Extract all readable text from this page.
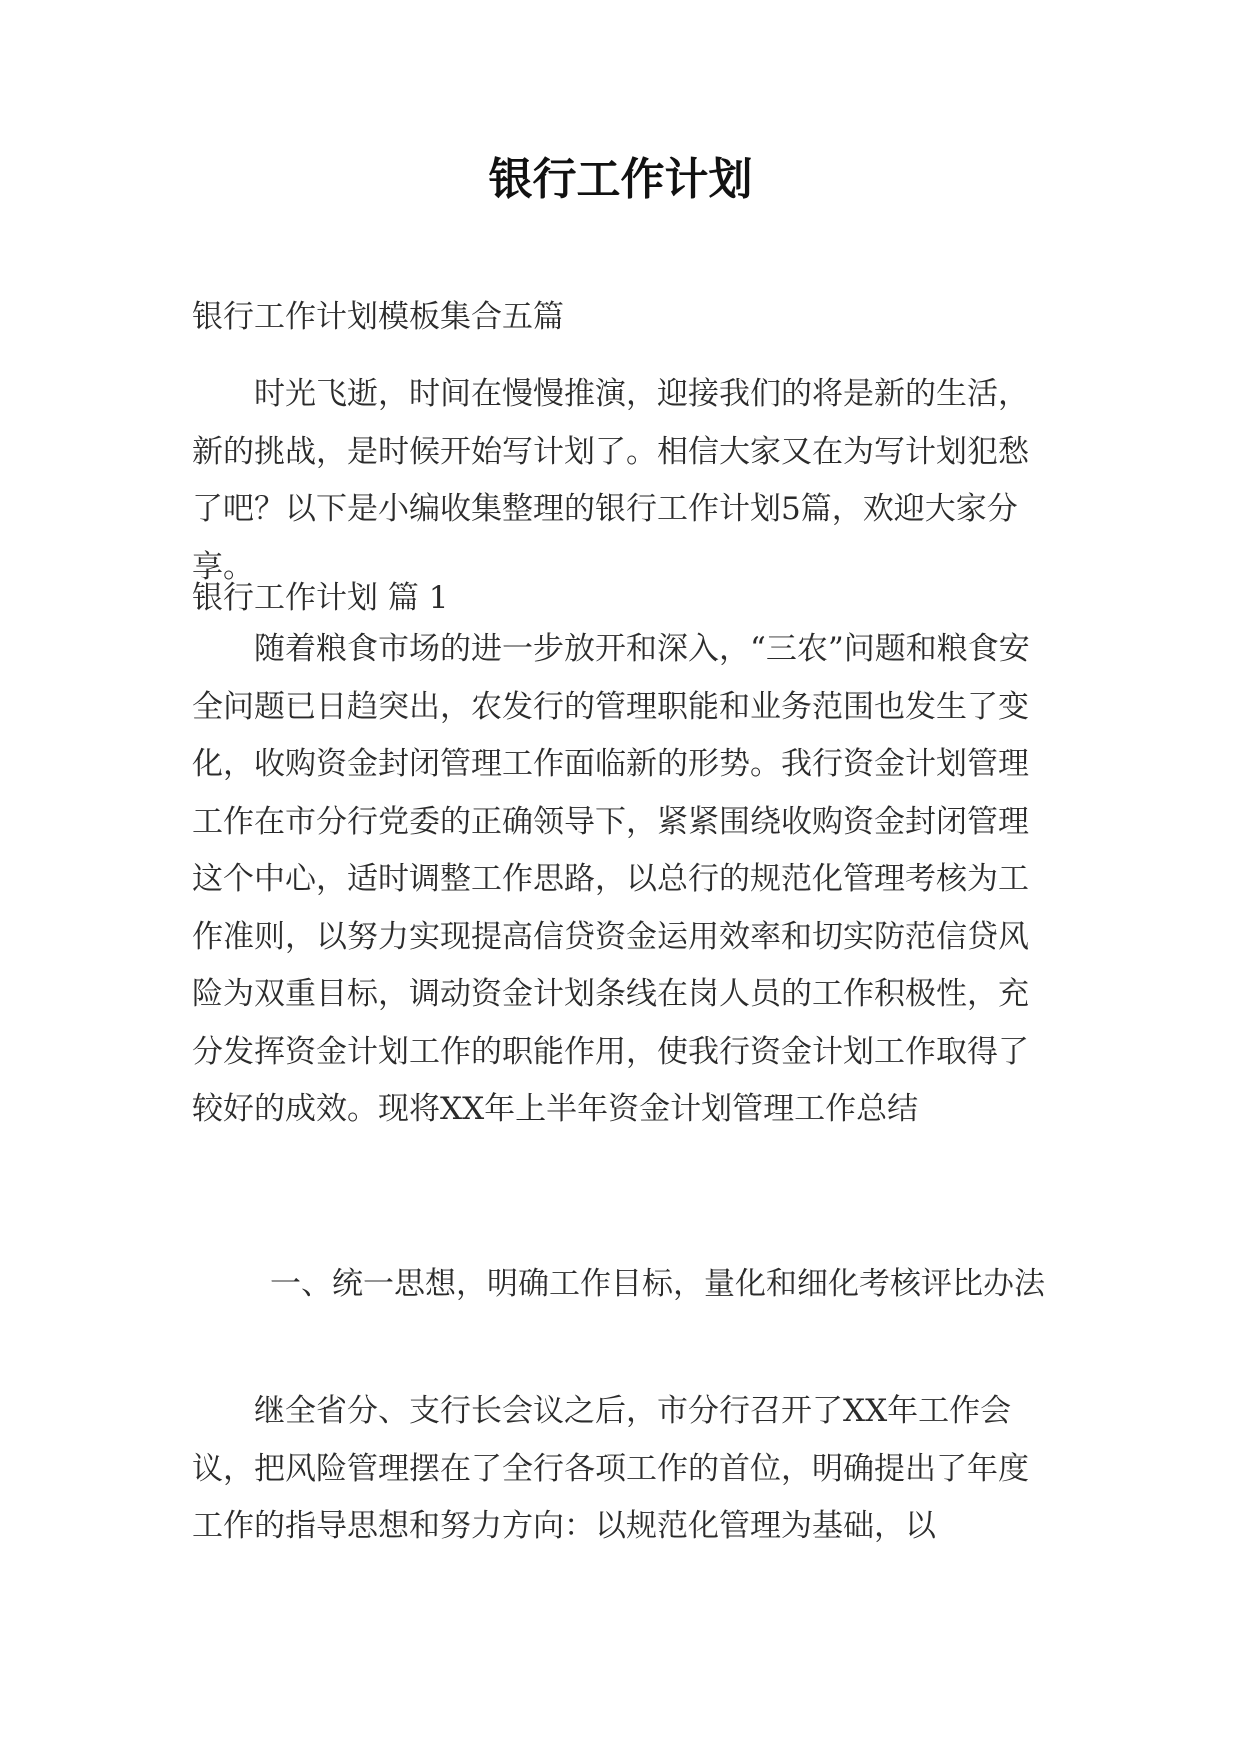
银行工作计划

银行工作计划模板集合五篇

时光飞逝，时间在慢慢推演，迎接我们的将是新的生活，新的挑战，是时候开始写计划了。相信大家又在为写计划犯愁了吧？以下是小编收集整理的银行工作计划5篇，欢迎大家分享。

银行工作计划 篇 1

随着粮食市场的进一步放开和深入，“三农”问题和粮食安全问题已日趋突出，农发行的管理职能和业务范围也发生了变化，收购资金封闭管理工作面临新的形势。我行资金计划管理工作在市分行党委的正确领导下，紧紧围绕收购资金封闭管理这个中心，适时调整工作思路，以总行的规范化管理考核为工作准则，以努力实现提高信贷资金运用效率和切实防范信贷风险为双重目标，调动资金计划条线在岗人员的工作积极性，充分发挥资金计划工作的职能作用，使我行资金计划工作取得了较好的成效。现将XX年上半年资金计划管理工作总结

一、统一思想，明确工作目标，量化和细化考核评比办法

继全省分、支行长会议之后，市分行召开了XX年工作会议，把风险管理摆在了全行各项工作的首位，明确提出了年度工作的指导思想和努力方向：以规范化管理为基础，以
